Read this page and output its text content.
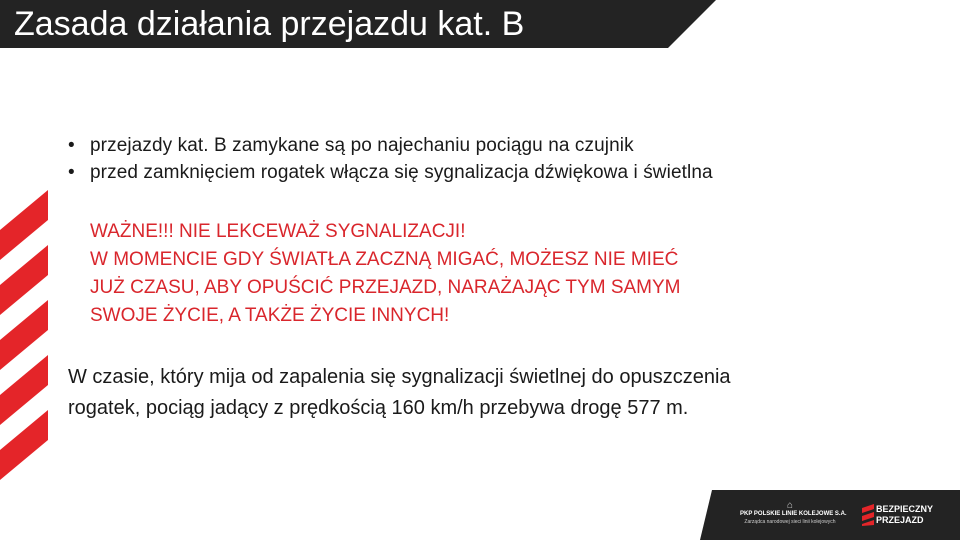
Zasada działania przejazdu kat. B
• przejazdy kat. B zamykane są po najechaniu pociągu na czujnik
• przed zamknięciem rogatek włącza się sygnalizacja dźwiękowa i świetlna
WAŻNE!!! NIE LEKCEWAŻ SYGNALIZACJI!
W MOMENCIE GDY ŚWIATŁA ZACZNĄ MIGAĆ, MOŻESZ NIE MIEĆ
JUŻ CZASU, ABY OPUŚCIĆ PRZEJAZD, NARAŻAJĄC TYM SAMYM
SWOJE ŻYCIE, A TAKŻE ŻYCIE INNYCH!
W czasie, który mija od zapalenia się sygnalizacji świetlnej do opuszczenia
rogatek, pociąg jadący z prędkością 160 km/h przebywa drogę 577 m.
⌂
PKP POLSKIE LINIE KOLEJOWE S.A.
Zarządca narodowej sieci linii kolejowych
BEZPIECZNY
PRZEJAZD
